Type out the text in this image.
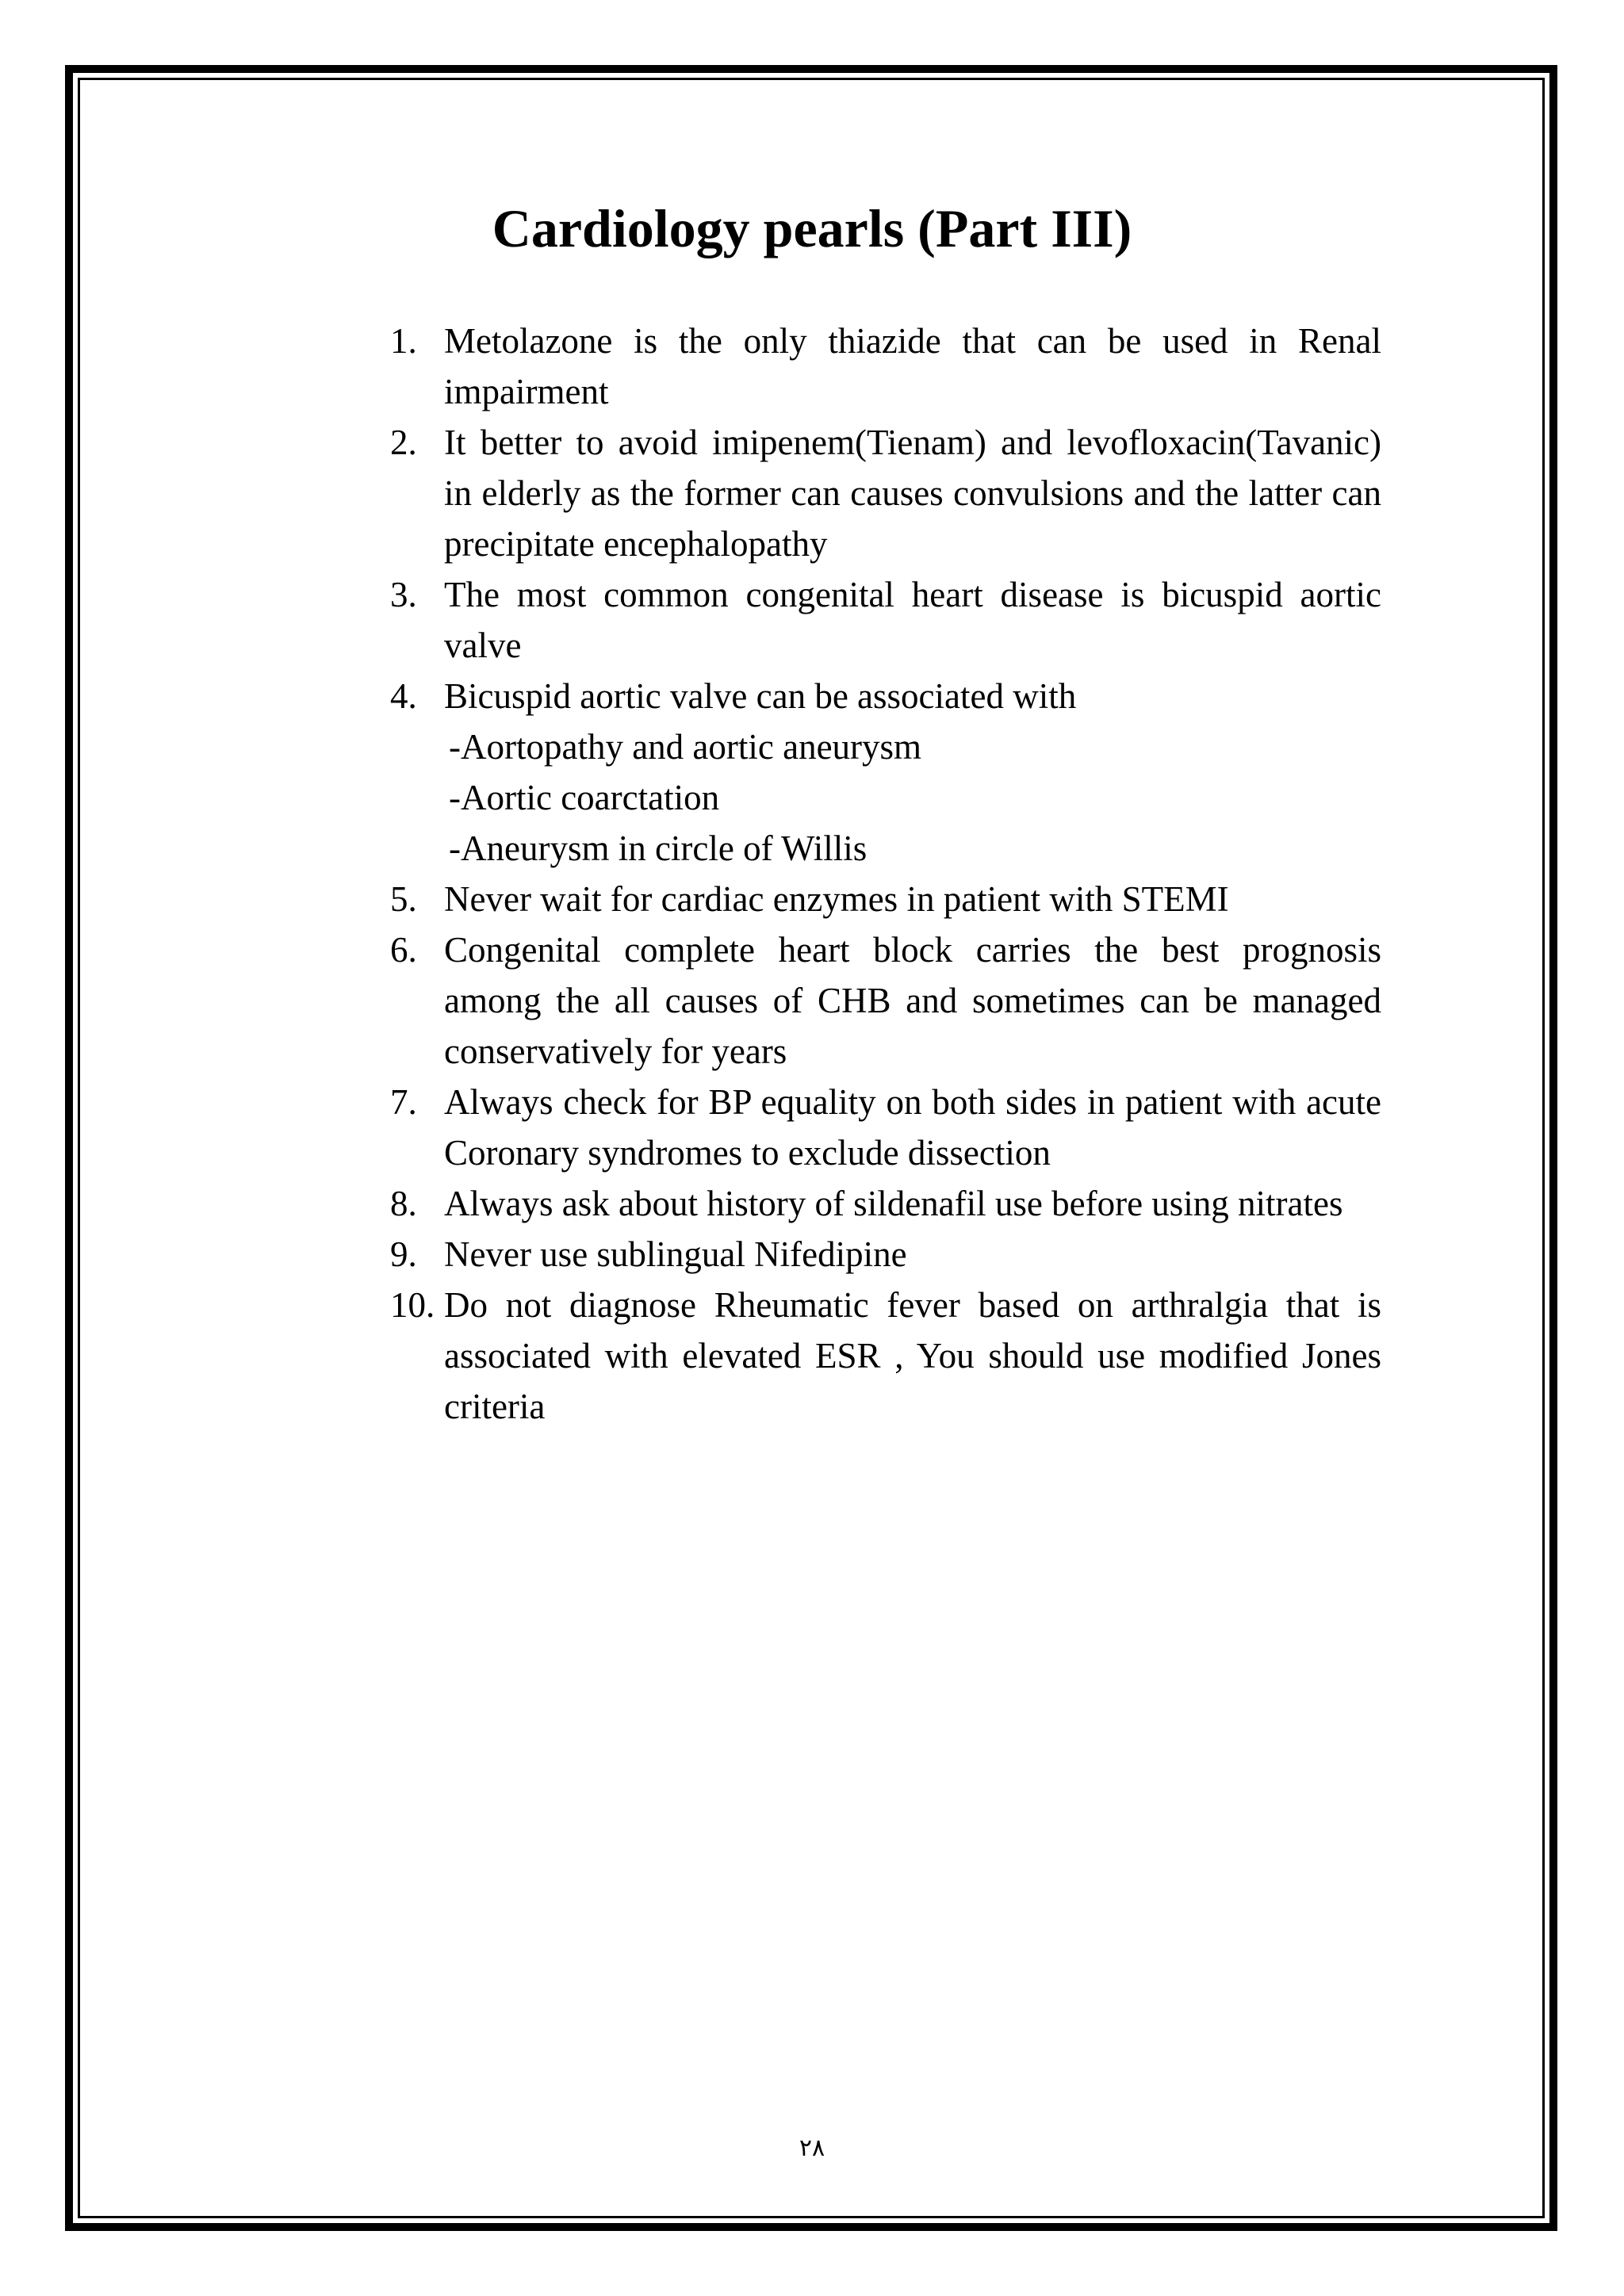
Cardiology pearls (Part III)
1. Metolazone is the only thiazide that can be used in Renal impairment
2. It better to avoid imipenem(Tienam) and levofloxacin(Tavanic) in elderly as the former can causes convulsions and the latter can precipitate encephalopathy
3. The most common congenital heart disease is bicuspid aortic valve
4. Bicuspid aortic valve can be associated with
-Aortopathy and aortic aneurysm
-Aortic coarctation
-Aneurysm in circle of Willis
5. Never wait for cardiac enzymes in patient with STEMI
6. Congenital complete heart block carries the best prognosis among the all causes of CHB and sometimes can be managed conservatively for years
7. Always check for BP equality on both sides in patient with acute Coronary syndromes to exclude dissection
8. Always ask about history of sildenafil use before using nitrates
9. Never use sublingual Nifedipine
10. Do not diagnose Rheumatic fever based on arthralgia that is associated with elevated ESR , You should use modified Jones criteria
٢٨
